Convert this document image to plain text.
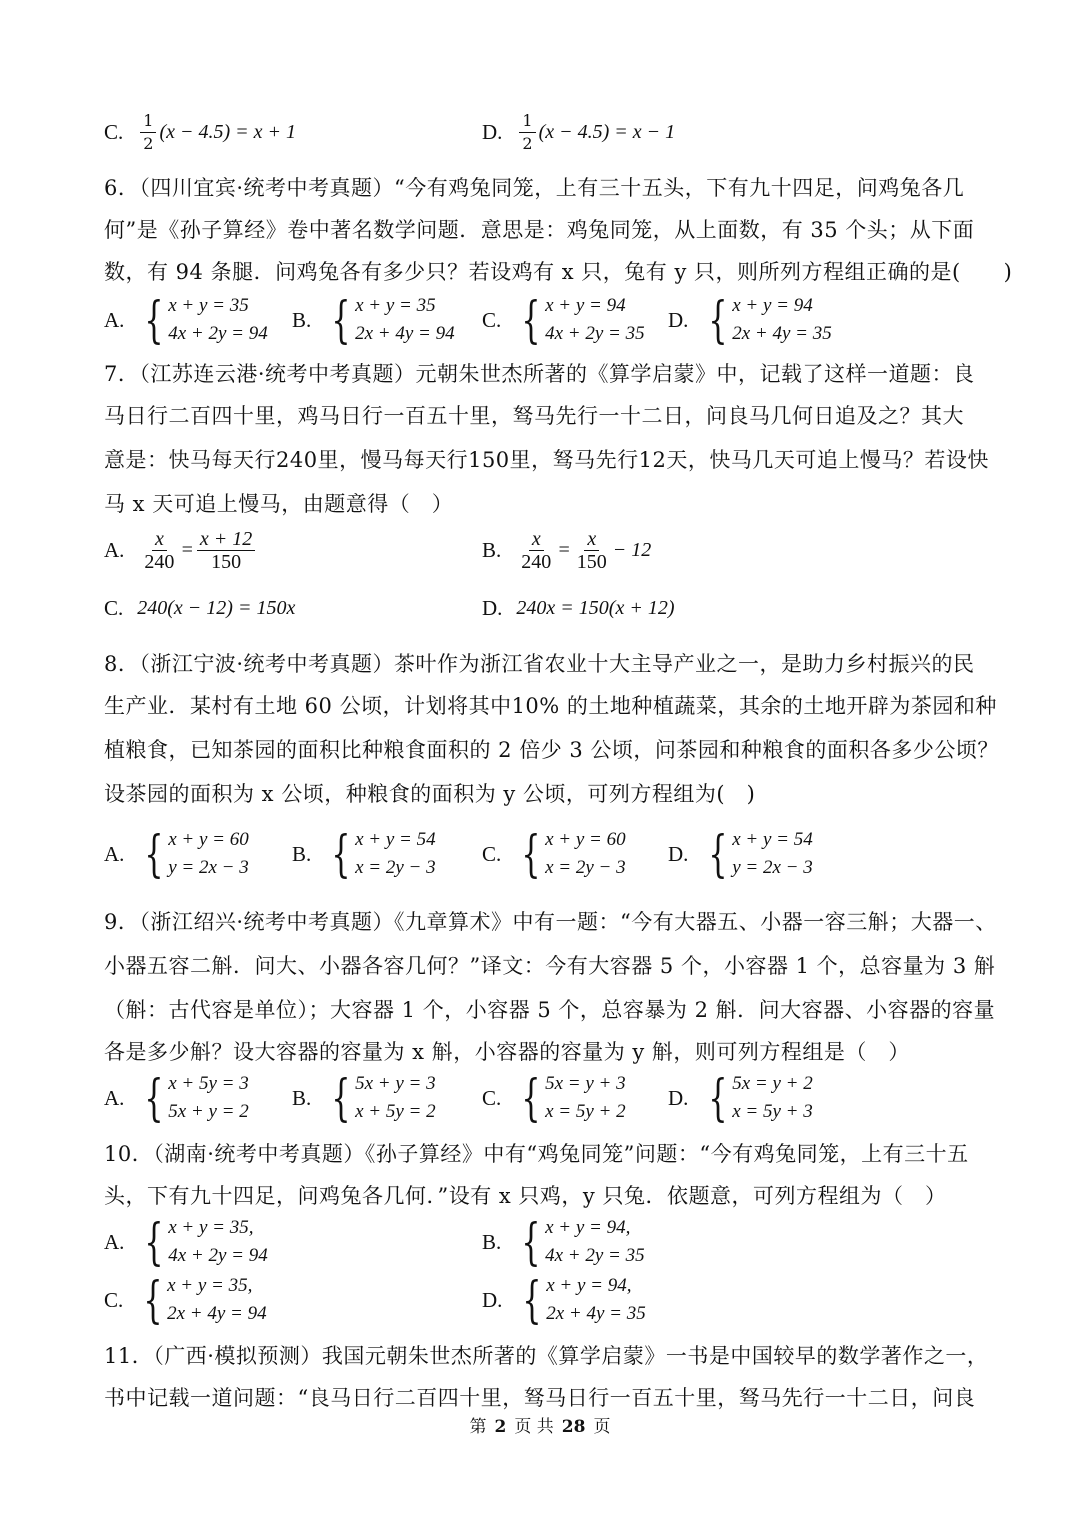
C. $\frac{1}{2} (x - 4.5) = x + 1$	D. $\frac{1}{2} (x - 4.5) = x - 1$
6．（四川宜宾·统考中考真题）“今有鸡兔同笼，上有三十五头，下有九十四足，问鸡兔各几
何”是《孙子算经》卷中著名数学问题．意思是：鸡兔同笼，从上面数，有 35 个头；从下面
数，有 94 条腿．问鸡兔各有多少只？若设鸡有 x 只，兔有 y 只，则所列方程组正确的是(　　)
A. { x + y = 35
4x + 2y = 94
B. { x + y = 35
2x + 4y = 94
C. { x + y = 94
4x + 2y = 35
D. { x + y = 94
2x + 4y = 35
7．（江苏连云港·统考中考真题）元朝朱世杰所著的《算学启蒙》中，记载了这样一道题：良
马日行二百四十里，鸡马日行一百五十里，驽马先行一十二日，问良马几何日追及之？其大
意是：快马每天行240里，慢马每天行150里，驽马先行12天，快马几天可追上慢马？若设快
马 x 天可追上慢马，由题意得（　）
A. $\frac{x}{240} = \frac{x + 12}{150}$	B. $\frac{x}{240} = \frac{x}{150} - 12$
C. 240(x − 12) = 150x	D. 240x = 150(x + 12)
8．（浙江宁波·统考中考真题）茶叶作为浙江省农业十大主导产业之一，是助力乡村振兴的民
生产业．某村有土地 60 公顷，计划将其中10% 的土地种植蔬菜，其余的土地开辟为茶园和种
植粮食，已知茶园的面积比种粮食面积的 2 倍少 3 公顷，问茶园和种粮食的面积各多少公顷？
设茶园的面积为 x 公顷，种粮食的面积为 y 公顷，可列方程组为(　)
A. { x + y = 60
y = 2x − 3
B. { x + y = 54
x = 2y − 3
C. { x + y = 60
x = 2y − 3
D. { x + y = 54
y = 2x − 3
9．（浙江绍兴·统考中考真题）《九章算术》中有一题：“今有大器五、小器一容三斛；大器一、
小器五容二斛．问大、小器各容几何？”译文：今有大容器 5 个，小容器 1 个，总容量为 3 斛
（斛：古代容是单位）；大容器 1 个，小容器 5 个，总容暴为 2 斛．问大容器、小容器的容量
各是多少斛？设大容器的容量为 x 斛，小容器的容量为 y 斛，则可列方程组是（　）
A. { x + 5y = 3
5x + y = 2
B. { 5x + y = 3
x + 5y = 2
C. { 5x = y + 3
x = 5y + 2
D. { 5x = y + 2
x = 5y + 3
10．（湖南·统考中考真题）《孙子算经》中有“鸡兔同笼”问题：“今有鸡兔同笼，上有三十五
头，下有九十四足，问鸡兔各几何．”设有 x 只鸡，y 只兔．依题意，可列方程组为（　）
A. { x + y = 35,
4x + 2y = 94
B. { x + y = 94,
4x + 2y = 35
C. { x + y = 35,
2x + 4y = 94
D. { x + y = 94,
2x + 4y = 35
11．（广西·模拟预测）我国元朝朱世杰所著的《算学启蒙》一书是中国较早的数学著作之一，
书中记载一道问题：“良马日行二百四十里，驽马日行一百五十里，驽马先行一十二日，问良
第 2 页 共 28 页
